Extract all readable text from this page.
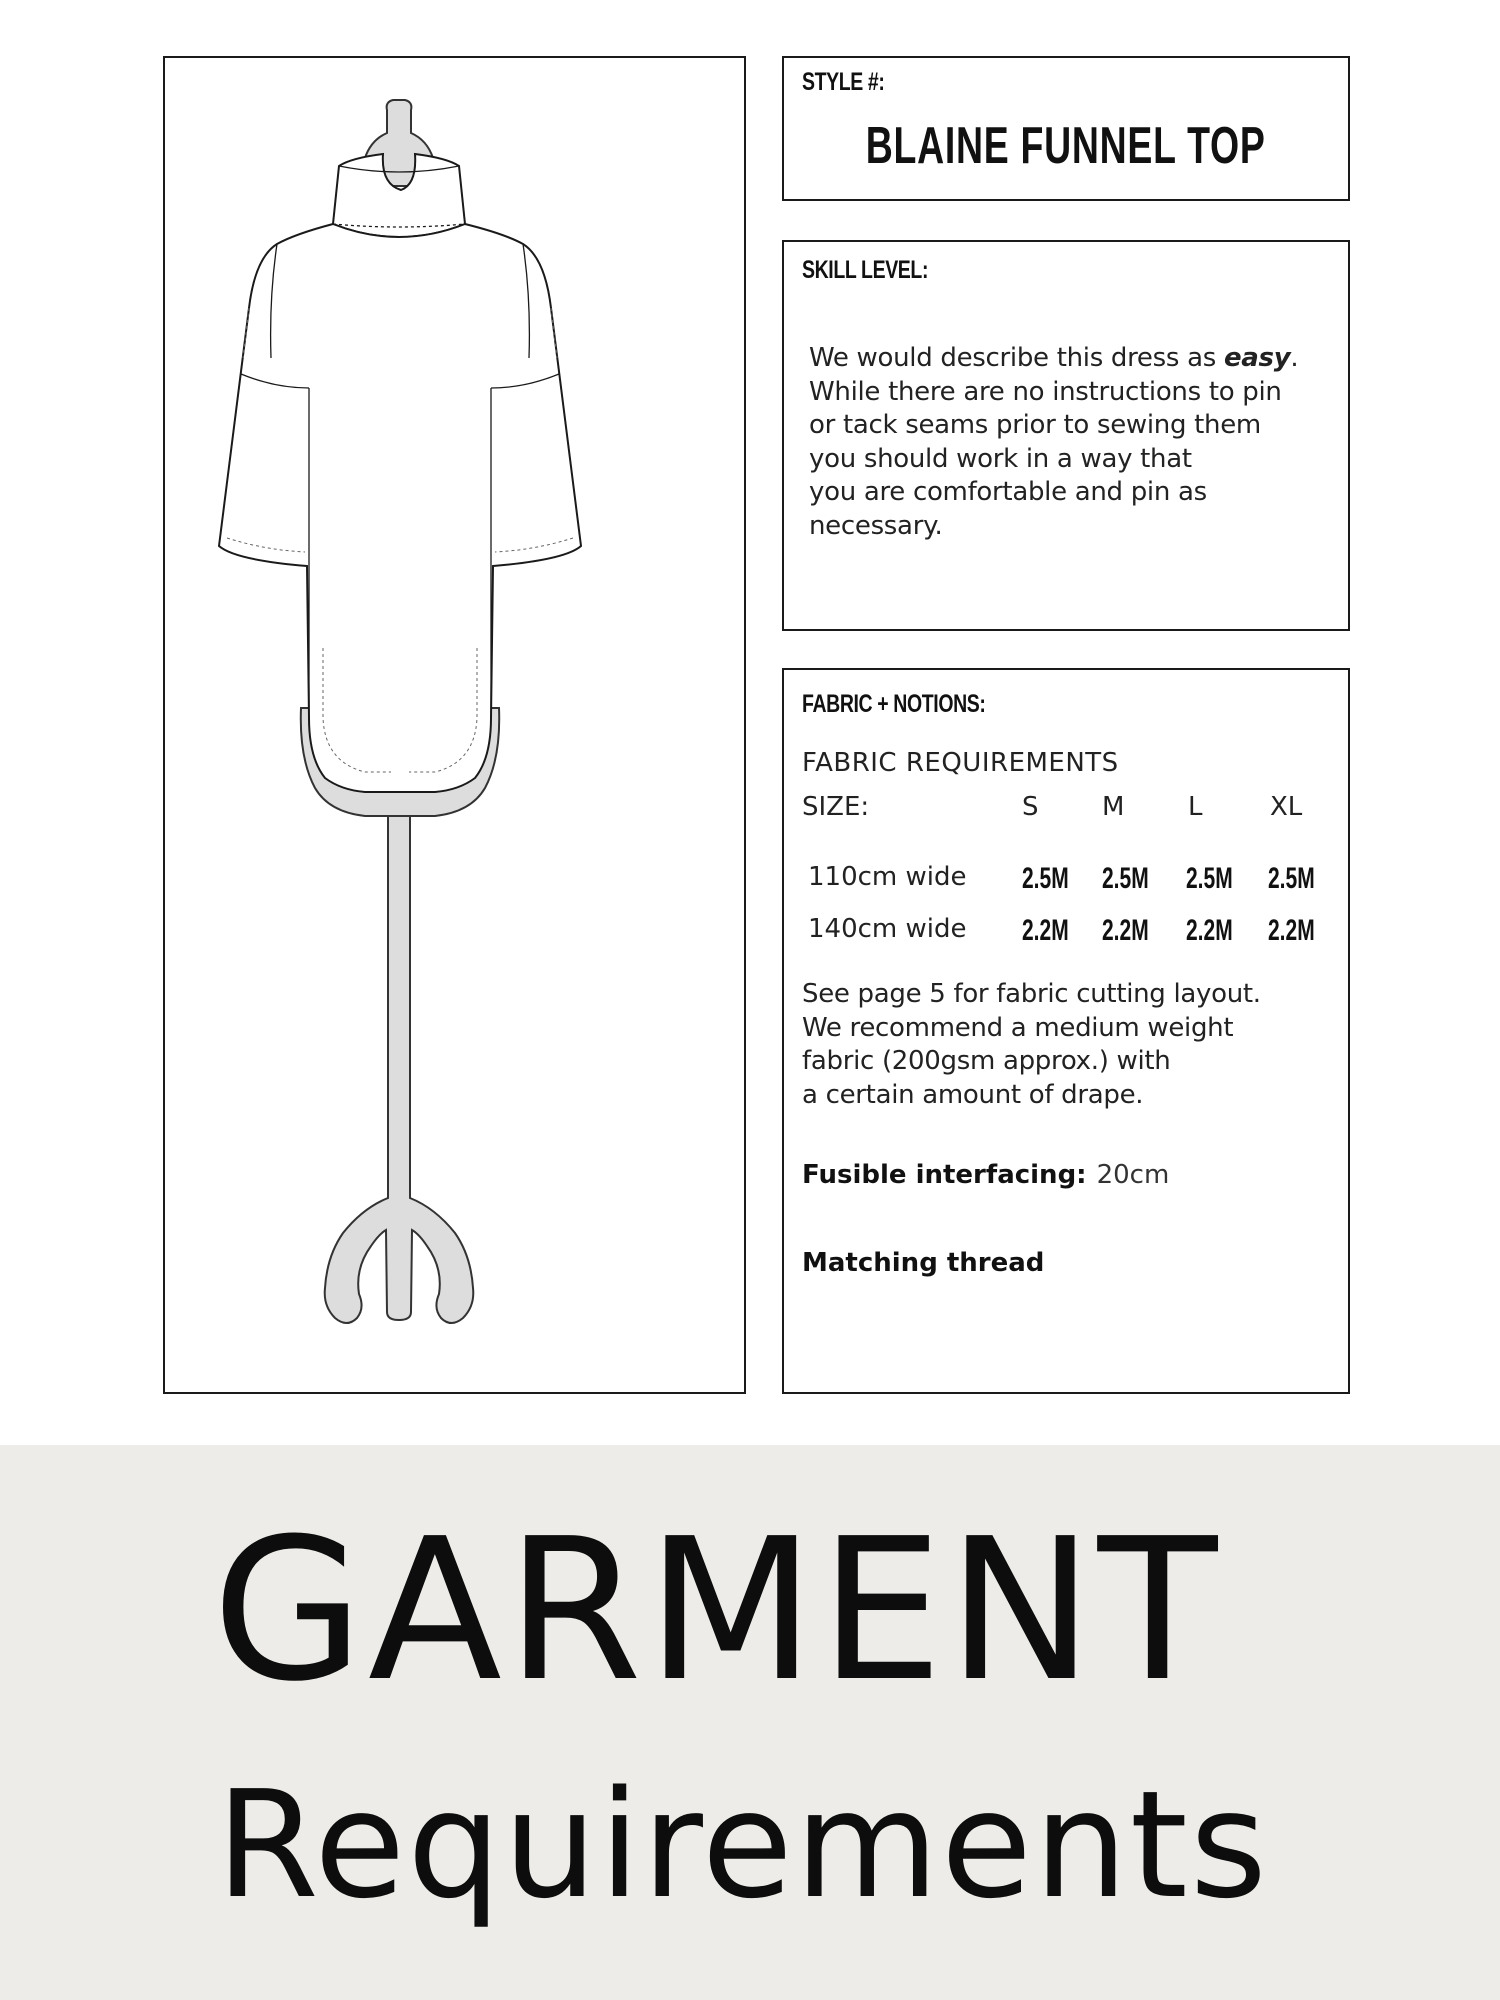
STYLE #:
BLAINE FUNNEL TOP
SKILL LEVEL:
We would describe this dress as easy.
While there are no instructions to pin
or tack seams prior to sewing them
you should work in a way that
you are comfortable and pin as
necessary.
FABRIC + NOTIONS:
FABRIC REQUIREMENTS
SIZE:	S M L	XL
110cm wide 2.5M 2.5M 2.5M 2.5M
140cm wide 2.2M 2.2M 2.2M 2.2M
See page 5 for fabric cutting layout.
We recommend a medium weight
fabric (200gsm approx.) with
a certain amount of drape.
Fusible interfacing: 20cm
Matching thread
GARMENT
Requirements
